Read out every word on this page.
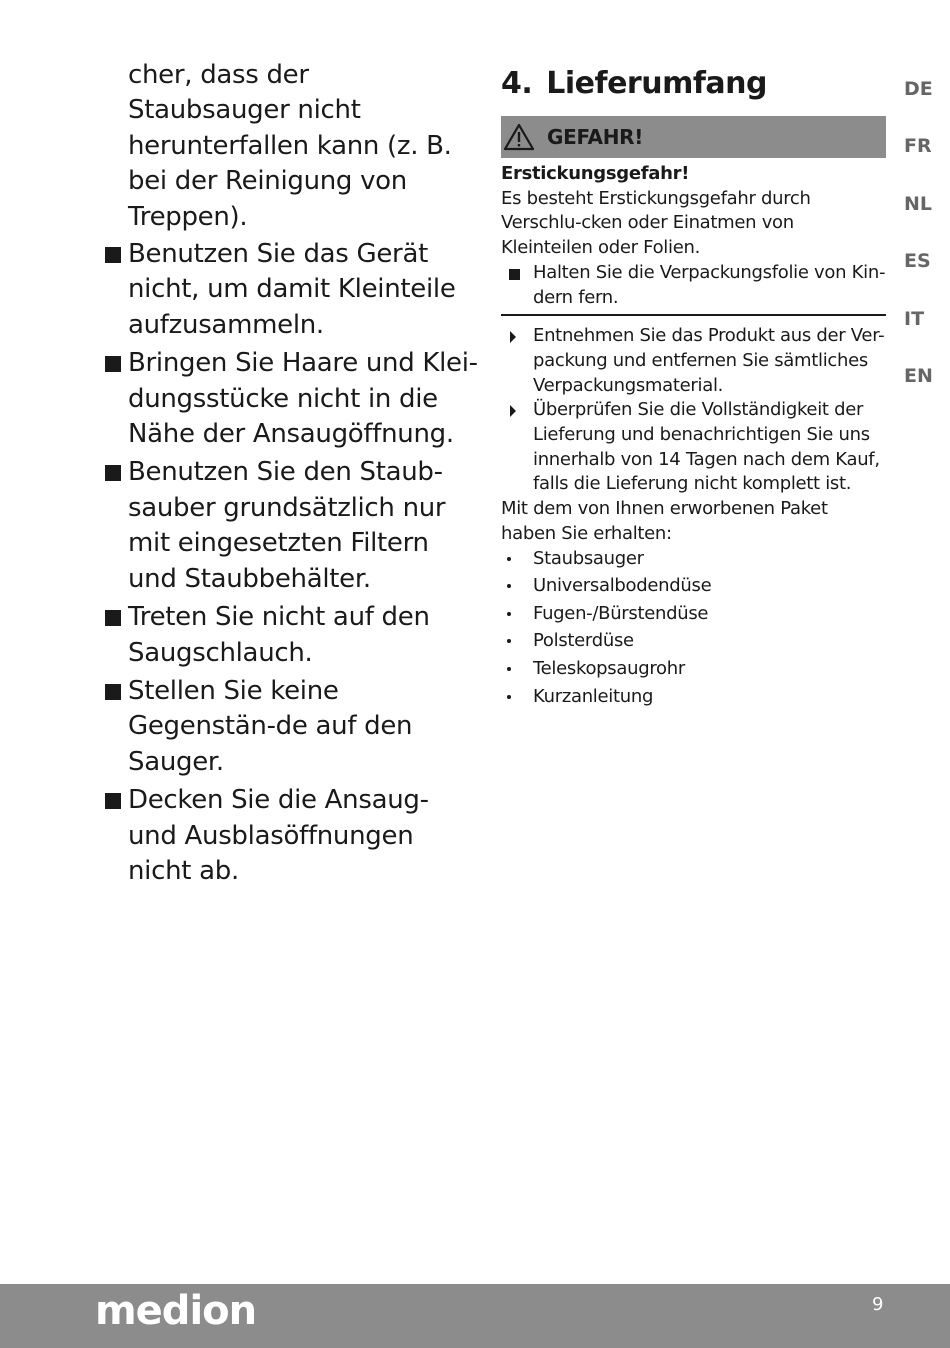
cher, dass der Staubsauger nicht herunterfallen kann (z. B. bei der Reinigung von Treppen).

Benutzen Sie das Gerät nicht, um damit Kleinteile aufzusammeln.
Bringen Sie Haare und Klei-dungsstücke nicht in die Nähe der Ansaugöffnung.
Benutzen Sie den Staub-sauber grundsätzlich nur mit eingesetzten Filtern und Staubbehälter.
Treten Sie nicht auf den Saugschlauch.
Stellen Sie keine Gegenstän-de auf den Sauger.
Decken Sie die Ansaug- und Ausblasöffnungen nicht ab.
4. Lieferumfang
GEFAHR!
Erstickungsgefahr!

Es besteht Erstickungsgefahr durch Verschlu-cken oder Einatmen von Kleinteilen oder Folien.

Halten Sie die Verpackungsfolie von Kin-dern fern.
Entnehmen Sie das Produkt aus der Ver-packung und entfernen Sie sämtliches Verpackungsmaterial.
Überprüfen Sie die Vollständigkeit der Lieferung und benachrichtigen Sie uns innerhalb von 14 Tagen nach dem Kauf, falls die Lieferung nicht komplett ist.

Mit dem von Ihnen erworbenen Paket haben Sie erhalten:

Staubsauger
Universalbodendüse
Fugen-/Bürstendüse
Polsterdüse
Teleskopsaugrohr
Kurzanleitung
DE
FR
NL
ES
IT
EN
medion	9
